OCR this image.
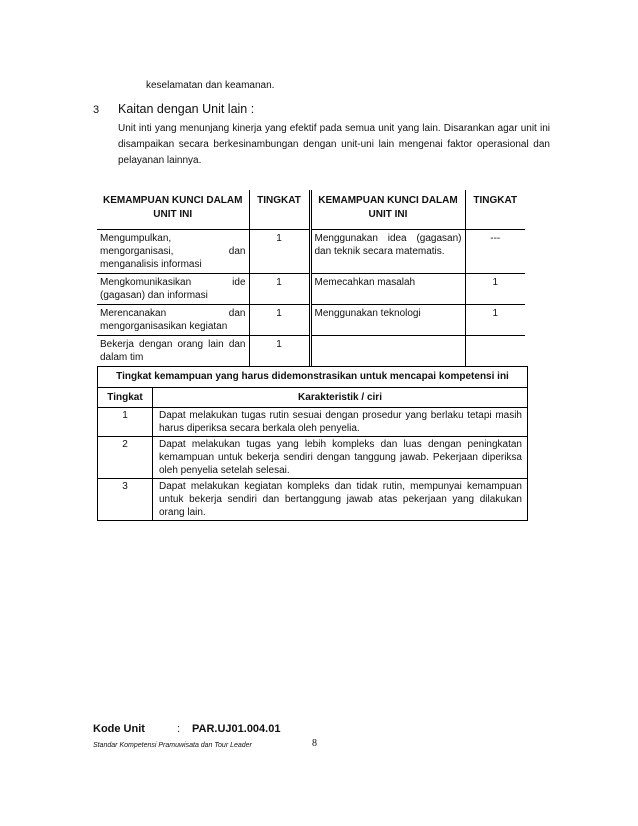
keselamatan dan keamanan.
3 Kaitan dengan Unit lain :
Unit inti yang menunjang kinerja yang efektif pada semua unit yang lain. Disarankan agar unit ini disampaikan secara berkesinambungan dengan unit-uni lain mengenai faktor operasional dan pelayanan lainnya.
KEMAMPUAN KUNCI DALAM UNIT INI	TINGKAT	KEMAMPUAN KUNCI DALAM UNIT INI	TINGKAT
Mengumpulkan, mengorganisasi, dan menganalisis informasi	1	Menggunakan idea (gagasan) dan teknik secara matematis.	---
Mengkomunikasikan ide (gagasan) dan informasi	1	Memecahkan masalah	1
Merencanakan dan mengorganisasikan kegiatan	1	Menggunakan teknologi	1
Bekerja dengan orang lain dan dalam tim	1		
Tingkat kemampuan yang harus didemonstrasikan untuk mencapai kompetensi ini	
Tingkat	Karakteristik / ciri
1	Dapat melakukan tugas rutin sesuai dengan prosedur yang berlaku tetapi masih harus diperiksa secara berkala oleh penyelia.
2	Dapat melakukan tugas yang lebih kompleks dan luas dengan peningkatan kemampuan untuk bekerja sendiri dengan tanggung jawab. Pekerjaan diperiksa oleh penyelia setelah selesai.
3	Dapat melakukan kegiatan kompleks dan tidak rutin, mempunyai kemampuan untuk bekerja sendiri dan bertanggung jawab atas pekerjaan yang dilakukan orang lain.
Kode Unit	: PAR.UJ01.004.01
Standar Kompetensi Pramuwisata dan Tour Leader	8
